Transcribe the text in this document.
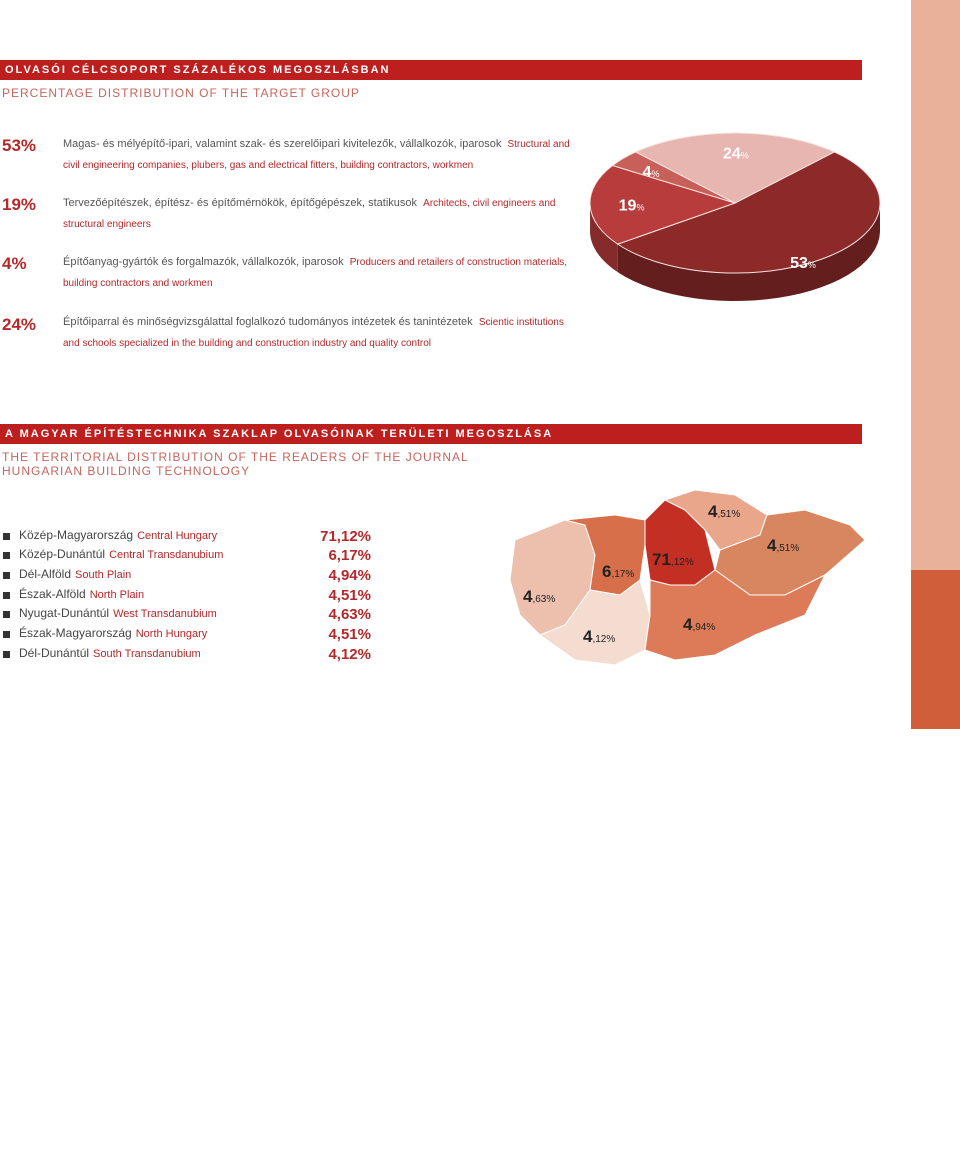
3
OLVASÓI CÉLCSOPORT SZÁZALÉKOS MEGOSZLÁSBAN
PERCENTAGE DISTRIBUTION OF THE TARGET GROUP
53% Magas- és mélyépítő-ipari, valamint szak- és szerelőipari kivitelezők, vállalkozók, iparosok Structural and civil engineering companies, plubers, gas and electrical fitters, building contractors, workmen
19% Tervezőépítészek, építész- és építőmérnökök, építőgépészek, statikusok Architects, civil engineers and structural engineers
4%	Építőanyag-gyártók és forgalmazók, vállalkozók, iparosok Producers and retailers of construction materials, building contractors and workmen
24% Építőiparral és minőségvizsgálattal foglalkozó tudományos intézetek és tanintézetek Scientic institutions and schools specialized in the building and construction industry and quality control
53%
19%
4%
24%
A MAGYAR ÉPÍTÉSTECHNIKA SZAKLAP OLVASÓINAK TERÜLETI MEGOSZLÁSA
THE TERRITORIAL DISTRIBUTION OF THE READERS OF THE JOURNAL
HUNGARIAN BUILDING TECHNOLOGY
Közép-Magyarország Central Hungary	71,12%
Közép-Dunántúl Central Transdanubium	6,17%
Dél-Alföld South Plain	4,94%
Észak-Alföld North Plain	4,51%
Nyugat-Dunántúl West Transdanubium	4,63%
Észak-Magyarország North Hungary	4,51%
Dél-Dunántúl South Transdanubium	4,12%
71,12%
6,17%
4,94%
4,51%
4,63%
4,51%
4,12%
